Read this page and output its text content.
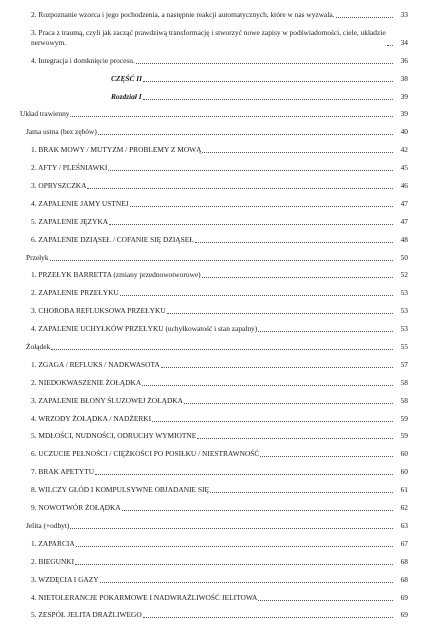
2. Rozpoznanie wzorca i jego pochodzenia, a następnie reakcji automatycznych, które w nas wyzwala.	33
3. Praca z traumą, czyli jak zacząć prawdziwą transformację i stworzyć nowe zapisy w podświadomości, ciele, układzie nerwowym.	34
4. Integracja i domknięcie procesu.	36
CZĘŚĆ II	38
Rozdział I	39
Układ trawienny	39
Jama ustna (bez zębów)	40
1. BRAK MOWY / MUTYZM / PROBLEMY Z MOWĄ	42
2. AFTY / PLEŚNIAWKI	45
3. OPRYSZCZKA	46
4. ZAPALENIE JAMY USTNEJ	47
5. ZAPALENIE JĘZYKA	47
6. ZAPALENIE DZIĄSEŁ / COFANIE SIĘ DZIĄSEŁ	48
Przełyk	50
1. PRZEŁYK BARRETTA (zmiany przednowotworowe)	52
2. ZAPALENIE PRZEŁYKU	53
3. CHOROBA REFLUKSOWA PRZEŁYKU	53
4. ZAPALENIE UCHYŁKÓW PRZEŁYKU (uchyłkowatość i stan zapalny)	53
Żołądek	55
1. ZGAGA / REFLUKS / NADKWASOTA	57
2. NIEDOKWASZENIE ŻOŁĄDKA	58
3. ZAPALENIE BŁONY ŚLUZOWEJ ŻOŁĄDKA	58
4. WRZODY ŻOŁĄDKA / NADŻERKI	59
5. MDŁOŚCI, NUDNOŚCI, ODRUCHY WYMIOTNE	59
6. UCZUCIE PEŁNOŚCI / CIĘŻKOŚCI PO POSIŁKU / NIESTRAWNOŚĆ	60
7. BRAK APETYTU	60
8. WILCZY GŁÓD I KOMPULSYWNE OBJADANIE SIĘ	61
9. NOWOTWÓR ŻOŁĄDKA	62
Jelita (+odbyt)	63
1. ZAPARCIA	67
2. BIEGUNKI	68
3. WZDĘCIA I GAZY	68
4. NIETOLERANCJE POKARMOWE I NADWRAŻLIWOŚĆ JELITOWA	69
5. ZESPÓŁ JELITA DRAŻLIWEGO	69
